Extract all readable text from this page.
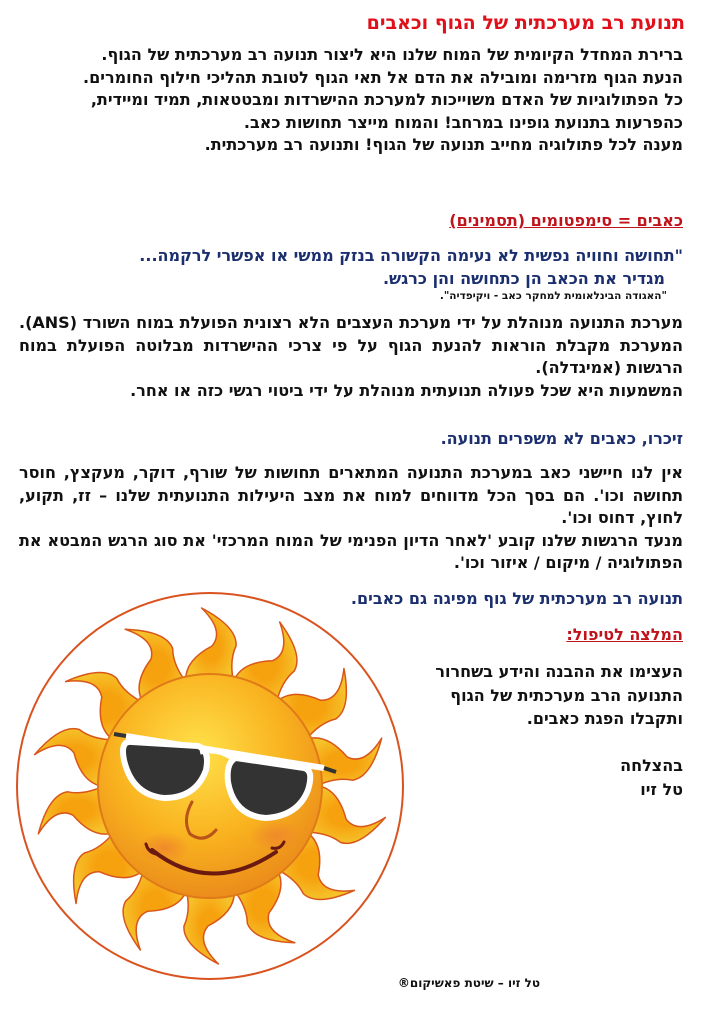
תנועת רב מערכתית של הגוף וכאבים

ברירת המחדל הקיומית של המוח שלנו היא ליצור תנועה רב מערכתית של הגוף.

הנעת הגוף מזרימה ומובילה את הדם אל תאי הגוף לטובת תהליכי חילוף החומרים.

כל הפתולוגיות של האדם משוייכות למערכת ההישרדות ומבטטאות, תמיד ומיידית, כהפרעות בתנועת גופינו במרחב! והמוח מייצר תחושות כאב.

מענה לכל פתולוגיה מחייב תנועה של הגוף! ותנועה רב מערכתית.

כאבים = סימפטומים (תסמינים)

"תחושה וחוויה נפשית לא נעימה הקשורה בנזק ממשי או אפשרי לרקמה...

מגדיר את הכאב הן כתחושה והן כרגש.

"האגודה הבינלאומית למחקר כאב - ויקיפדיה".

מערכת התנועה מנוהלת על ידי מערכת העצבים הלא רצונית הפועלת במוח השורד (ANS). המערכת מקבלת הוראות להנעת הגוף על פי צרכי ההישרדות מבלוטה הפועלת במוח הרגשות (אמיגדלה).

המשמעות היא שכל פעולה תנועתית מנוהלת על ידי ביטוי רגשי כזה או אחר.

זיכרו, כאבים לא משפרים תנועה.

אין לנו חיישני כאב במערכת התנועה המתארים תחושות של שורף, דוקר, מעקצץ, חוסר תחושה וכו'. הם בסך הכל מדווחים למוח את מצב היעילות התנועתית שלנו – זז, תקוע, לחוץ, דחוס וכו'.

מנעד הרגשות שלנו קובע 'לאחר הדיון הפנימי של המוח המרכזי' את סוג הרגש המבטא את הפתולוגיה / מיקום / איזור וכו'.

תנועה רב מערכתית של גוף מפיגה גם כאבים.
המלצה לטיפול:

העצימו את ההבנה והידע בשחרור

התנועה הרב מערכתית של הגוף

ותקבלו הפגת כאבים.

בהצלחה

טל זיו

טל זיו – שיטת פאשיקום®
